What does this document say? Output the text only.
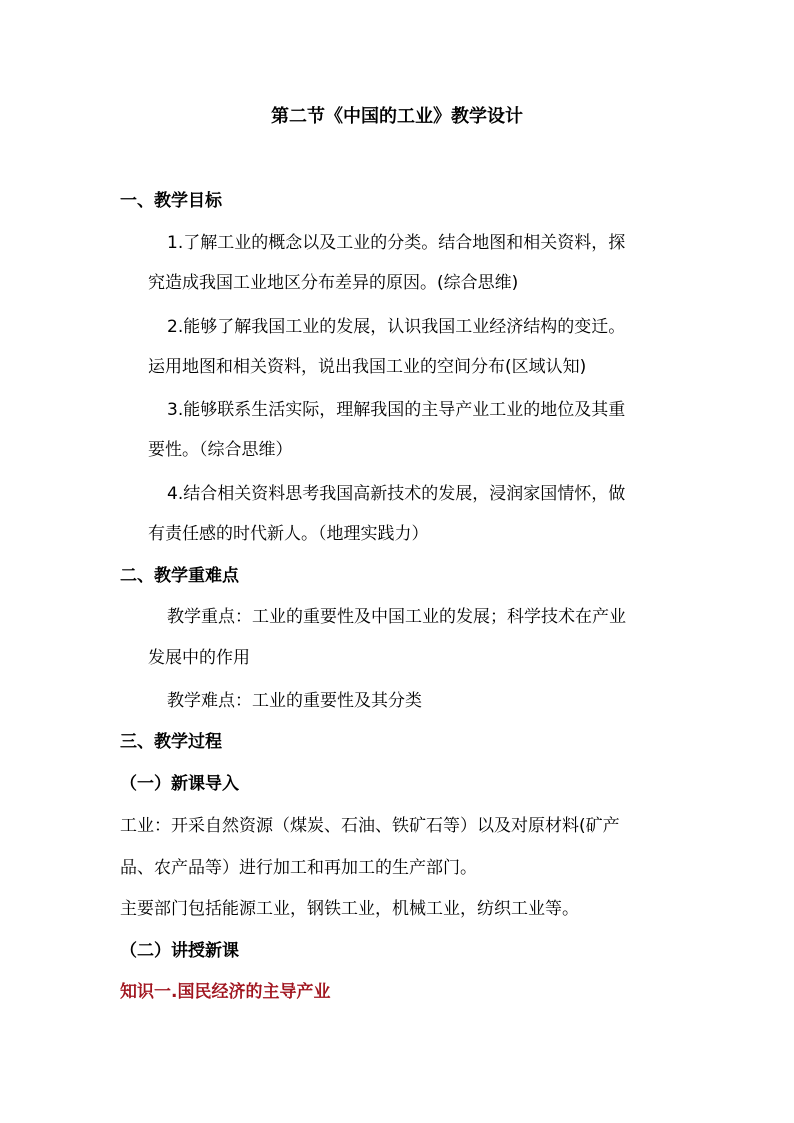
第二节《中国的工业》教学设计
一、教学目标
1.了解工业的概念以及工业的分类。结合地图和相关资料，探
究造成我国工业地区分布差异的原因。(综合思维)
2.能够了解我国工业的发展，认识我国工业经济结构的变迁。
运用地图和相关资料，说出我国工业的空间分布(区域认知)
3.能够联系生活实际，理解我国的主导产业工业的地位及其重
要性。（综合思维）
4.结合相关资料思考我国高新技术的发展，浸润家国情怀，做
有责任感的时代新人。（地理实践力）
二、教学重难点
教学重点：工业的重要性及中国工业的发展；科学技术在产业
发展中的作用
教学难点：工业的重要性及其分类
三、教学过程
（一）新课导入
工业：开采自然资源（煤炭、石油、铁矿石等）以及对原材料(矿产
品、农产品等）进行加工和再加工的生产部门。
主要部门包括能源工业，钢铁工业，机械工业，纺织工业等。
（二）讲授新课
知识一.国民经济的主导产业
